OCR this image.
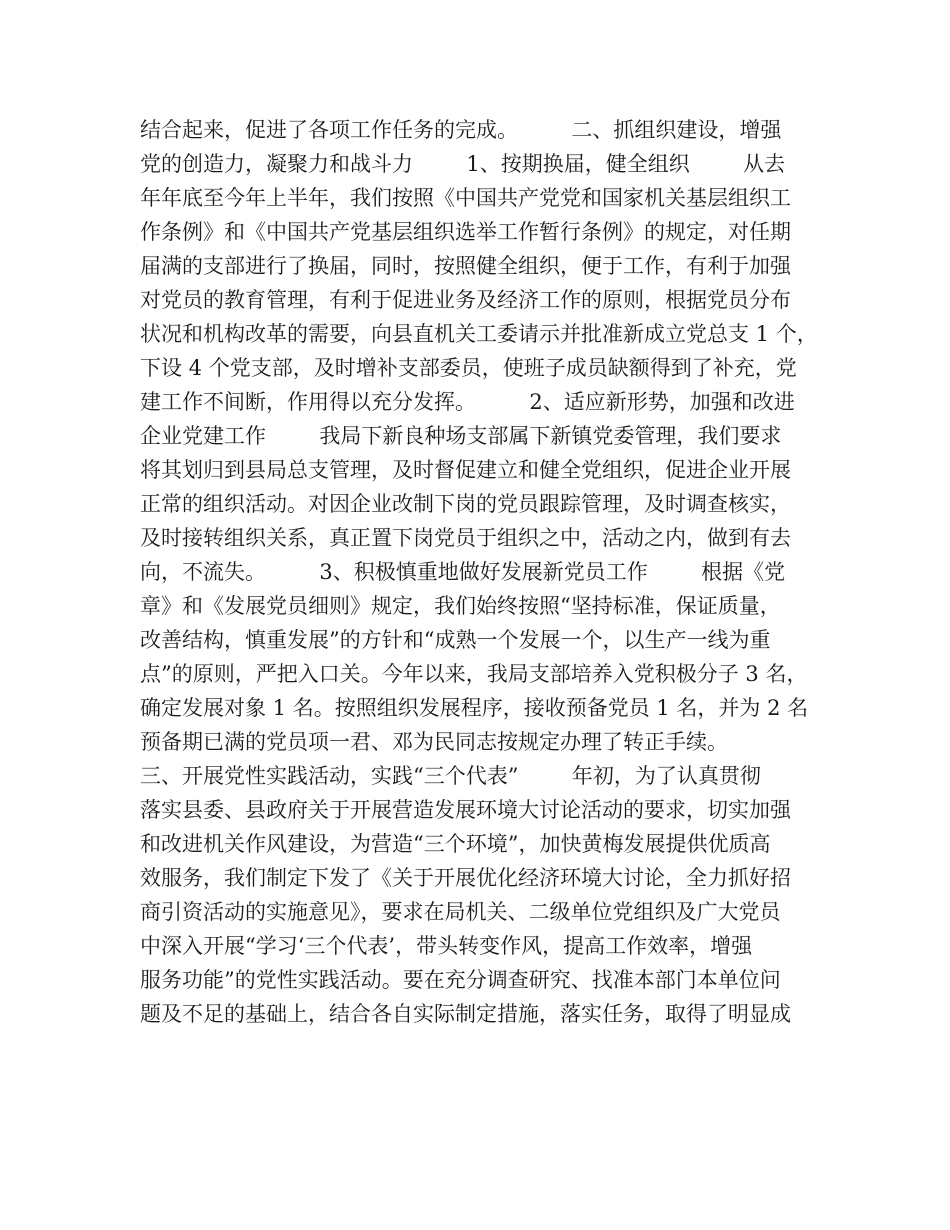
结合起来，促进了各项工作任务的完成。        二、抓组织建设，增强
党的创造力，凝聚力和战斗力        1、按期换届，健全组织        从去
年年底至今年上半年，我们按照《中国共产党党和国家机关基层组织工
作条例》和《中国共产党基层组织选举工作暂行条例》的规定，对任期
届满的支部进行了换届，同时，按照健全组织，便于工作，有利于加强
对党员的教育管理，有利于促进业务及经济工作的原则，根据党员分布
状况和机构改革的需要，向县直机关工委请示并批准新成立党总支 1 个，
下设 4 个党支部，及时增补支部委员，使班子成员缺额得到了补充，党
建工作不间断，作用得以充分发挥。        2、适应新形势，加强和改进
企业党建工作        我局下新良种场支部属下新镇党委管理，我们要求
将其划归到县局总支管理，及时督促建立和健全党组织，促进企业开展
正常的组织活动。对因企业改制下岗的党员跟踪管理，及时调查核实，
及时接转组织关系，真正置下岗党员于组织之中，活动之内，做到有去
向，不流失。        3、积极慎重地做好发展新党员工作        根据《党
章》和《发展党员细则》规定，我们始终按照“坚持标准，保证质量，
改善结构，慎重发展”的方针和“成熟一个发展一个，以生产一线为重
点”的原则，严把入口关。今年以来，我局支部培养入党积极分子 3 名，
确定发展对象 1 名。按照组织发展程序，接收预备党员 1 名，并为 2 名
预备期已满的党员项一君、邓为民同志按规定办理了转正手续。
三、开展党性实践活动，实践“三个代表”        年初，为了认真贯彻
落实县委、县政府关于开展营造发展环境大讨论活动的要求，切实加强
和改进机关作风建设，为营造“三个环境”，加快黄梅发展提供优质高
效服务，我们制定下发了《关于开展优化经济环境大讨论，全力抓好招
商引资活动的实施意见》，要求在局机关、二级单位党组织及广大党员
中深入开展“学习‘三个代表’，带头转变作风，提高工作效率，增强
服务功能”的党性实践活动。要在充分调查研究、找准本部门本单位问
题及不足的基础上，结合各自实际制定措施，落实任务，取得了明显成
